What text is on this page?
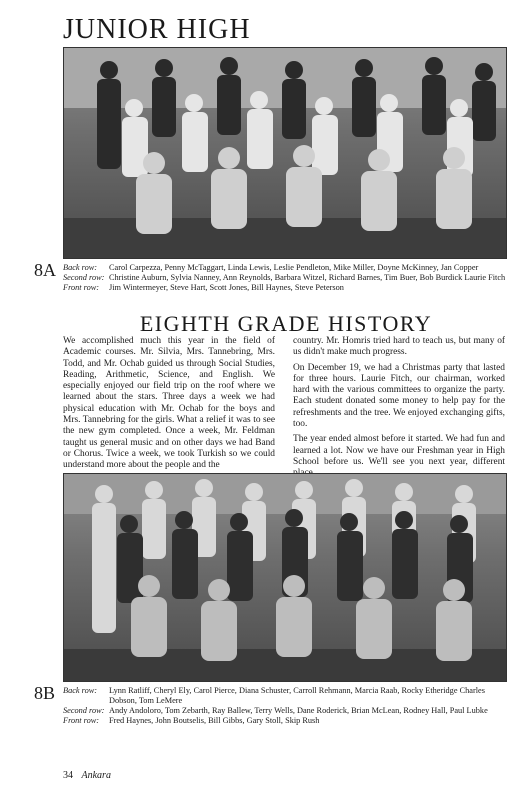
JUNIOR HIGH
8A Back row:	Carol Carpezza, Penny McTaggart, Linda Lewis, Leslie Pendleton, Mike Miller, Doyne McKinney, Jan Copper
Second row: Christine Auburn, Sylvia Nanney, Ann Reynolds, Barbara Witzel, Richard Barnes, Tim Buer, Bob Burdick Laurie Fitch
Front row:	Jim Wintermeyer, Steve Hart, Scott Jones, Bill Haynes, Steve Peterson
EIGHTH GRADE HISTORY

We accomplished much this year in the field of Academic courses. Mr. Silvia, Mrs. Tannebring, Mrs. Todd, and Mr. Ochab guided us through Social Studies, Reading, Arithmetic, Science, and English. We especially enjoyed our field trip on the roof where we learned about the stars. Three days a week we had physical education with Mr. Ochab for the boys and Mrs. Tannebring for the girls. What a relief it was to see the new gym completed. Once a week, Mr. Feldman taught us general music and on other days we had Band or Chorus. Twice a week, we took Turkish so we could understand more about the people and the

country. Mr. Homris tried hard to teach us, but many of us didn't make much progress.

On December 19, we had a Christmas party that lasted for three hours. Laurie Fitch, our chairman, worked hard with the various committees to organize the party. Each student donated some money to help pay for the refreshments and the tree. We enjoyed exchanging gifts, too.

The year ended almost before it started. We had fun and learned a lot. Now we have our Freshman year in High School before us. We'll see you next year, different

8B Back row:	Lynn Ratliff, Cheryl Ely, Carol Pierce, Diana Schuster, Carroll Rehmann, Marcia Raab, Rocky Etheridge Charles Dobson, Tom LeMere
Second row: Andy Andoloro, Tom Zebarth, Ray Ballew, Terry Wells, Dane Roderick, Brian McLean, Rodney Hall, Paul Lubke
Front row:	Fred Haynes, John Boutselis, Bill Gibbs, Gary Stoll, Skip Rush
34 Ankara
